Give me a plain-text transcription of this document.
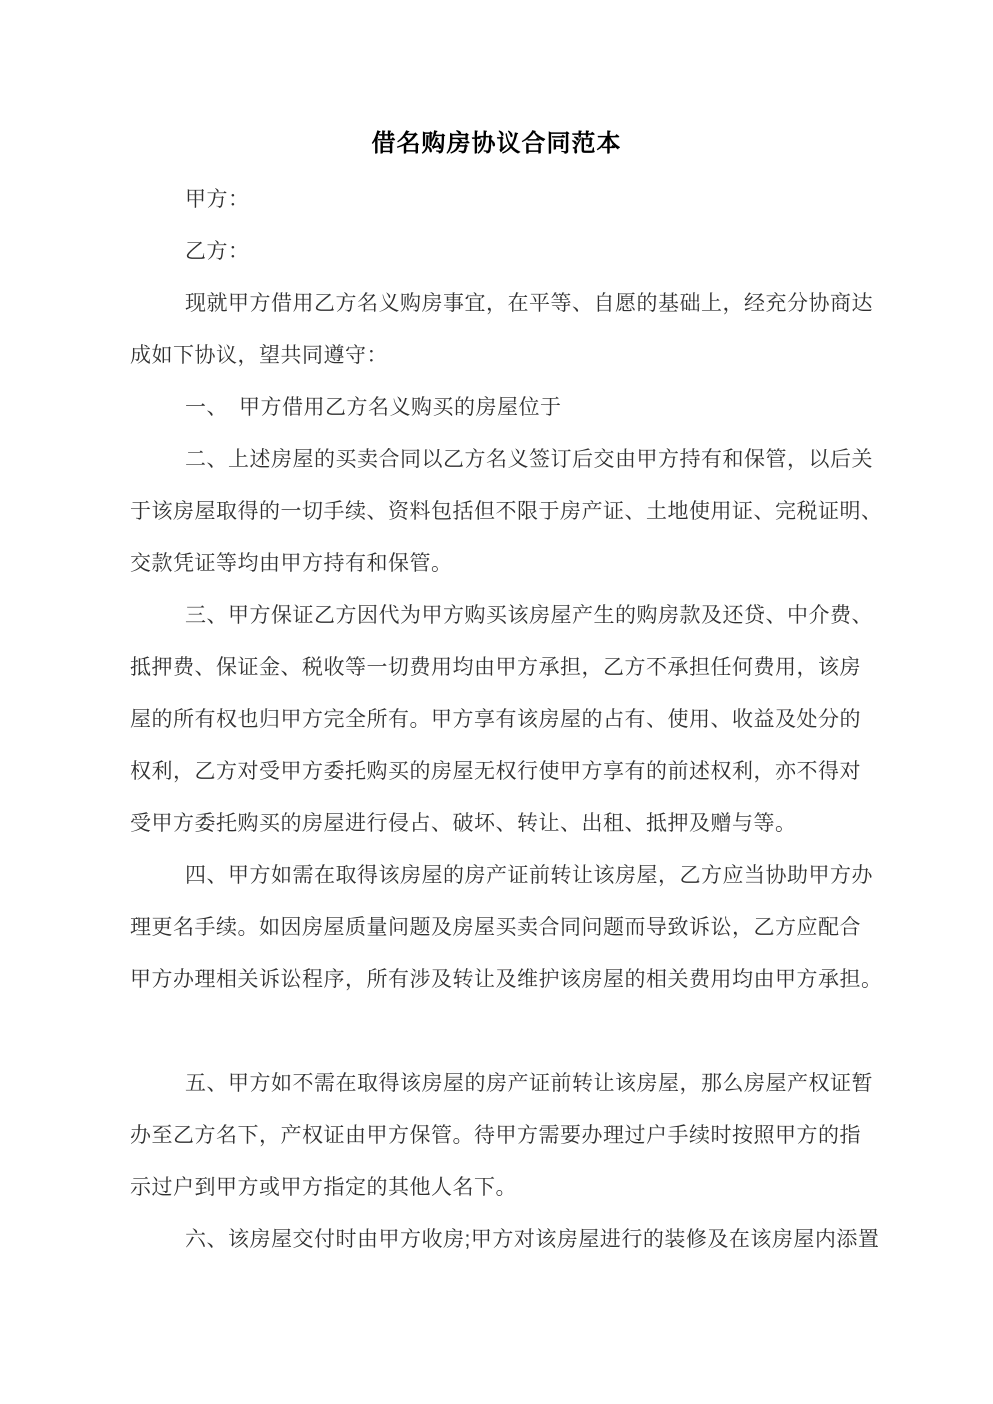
借名购房协议合同范本

甲方：

乙方：

现就甲方借用乙方名义购房事宜，在平等、自愿的基础上，经充分协商达

成如下协议，望共同遵守：

一、　甲方借用乙方名义购买的房屋位于

二、上述房屋的买卖合同以乙方名义签订后交由甲方持有和保管，以后关

于该房屋取得的一切手续、资料包括但不限于房产证、土地使用证、完税证明、

交款凭证等均由甲方持有和保管。

三、甲方保证乙方因代为甲方购买该房屋产生的购房款及还贷、中介费、

抵押费、保证金、税收等一切费用均由甲方承担，乙方不承担任何费用，该房

屋的所有权也归甲方完全所有。甲方享有该房屋的占有、使用、收益及处分的

权利，乙方对受甲方委托购买的房屋无权行使甲方享有的前述权利，亦不得对

受甲方委托购买的房屋进行侵占、破坏、转让、出租、抵押及赠与等。

四、甲方如需在取得该房屋的房产证前转让该房屋，乙方应当协助甲方办

理更名手续。如因房屋质量问题及房屋买卖合同问题而导致诉讼，乙方应配合

甲方办理相关诉讼程序，所有涉及转让及维护该房屋的相关费用均由甲方承担。

五、甲方如不需在取得该房屋的房产证前转让该房屋，那么房屋产权证暂

办至乙方名下，产权证由甲方保管。待甲方需要办理过户手续时按照甲方的指

示过户到甲方或甲方指定的其他人名下。

六、该房屋交付时由甲方收房;甲方对该房屋进行的装修及在该房屋内添置
